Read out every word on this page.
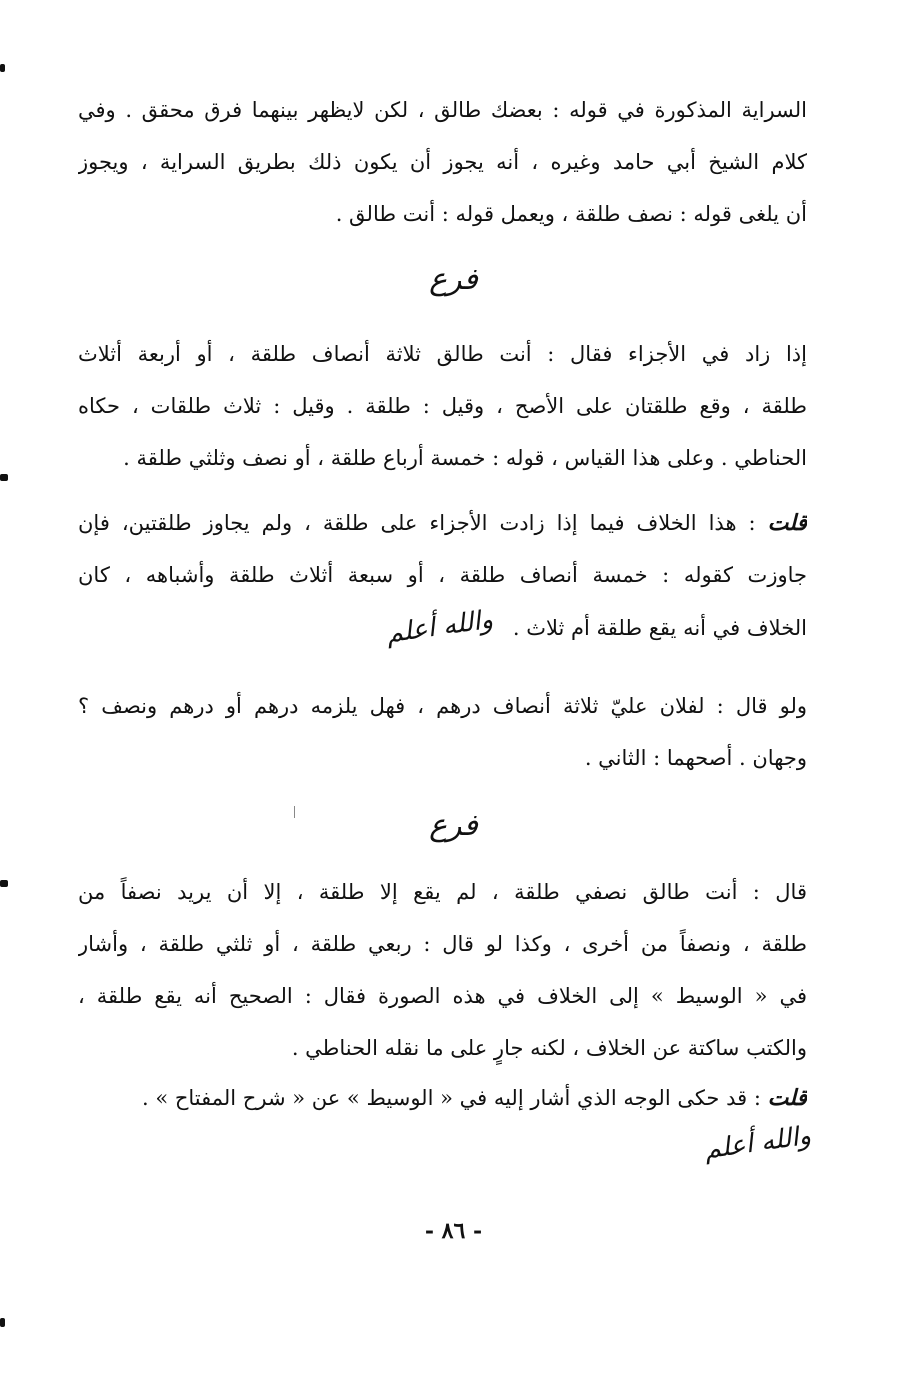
السراية المذكورة في قوله : بعضك طالق ، لكن لايظهر بينهما فرق محقق . وفي
كلام الشيخ أبي حامد وغيره ، أنه يجوز أن يكون ذلك بطريق السراية ، ويجوز
أن يلغى قوله : نصف طلقة ، ويعمل قوله : أنت طالق .
فرع
إذا زاد في الأجزاء فقال : أنت طالق ثلاثة أنصاف طلقة ، أو أربعة أثلاث
طلقة ، وقع طلقتان على الأصح ، وقيل : طلقة . وقيل : ثلاث طلقات ، حكاه
الحناطي . وعلى هذا القياس ، قوله : خمسة أرباع طلقة ، أو نصف وثلثي طلقة .
قلت : هذا الخلاف فيما إذا زادت الأجزاء على طلقة ، ولم يجاوز طلقتين، فإن
جاوزت كقوله : خمسة أنصاف طلقة ، أو سبعة أثلاث طلقة وأشباهه ، كان
الخلاف في أنه يقع طلقة أم ثلاث .   والله أعلم
ولو قال : لفلان عليّ ثلاثة أنصاف درهم ، فهل يلزمه درهم أو درهم ونصف ؟
وجهان . أصحهما : الثاني .
فرع
قال : أنت طالق نصفي طلقة ، لم يقع إلا طلقة ، إلا أن يريد نصفاً من
طلقة ، ونصفاً من أخرى ، وكذا لو قال : ربعي طلقة ، أو ثلثي طلقة ، وأشار
في « الوسيط » إلى الخلاف في هذه الصورة فقال : الصحيح أنه يقع طلقة ،
والكتب ساكتة عن الخلاف ، لكنه جارٍ على ما نقله الحناطي .
قلت : قد حكى الوجه الذي أشار إليه في « الوسيط » عن « شرح المفتاح » .
والله أعلم
- ٨٦ -
